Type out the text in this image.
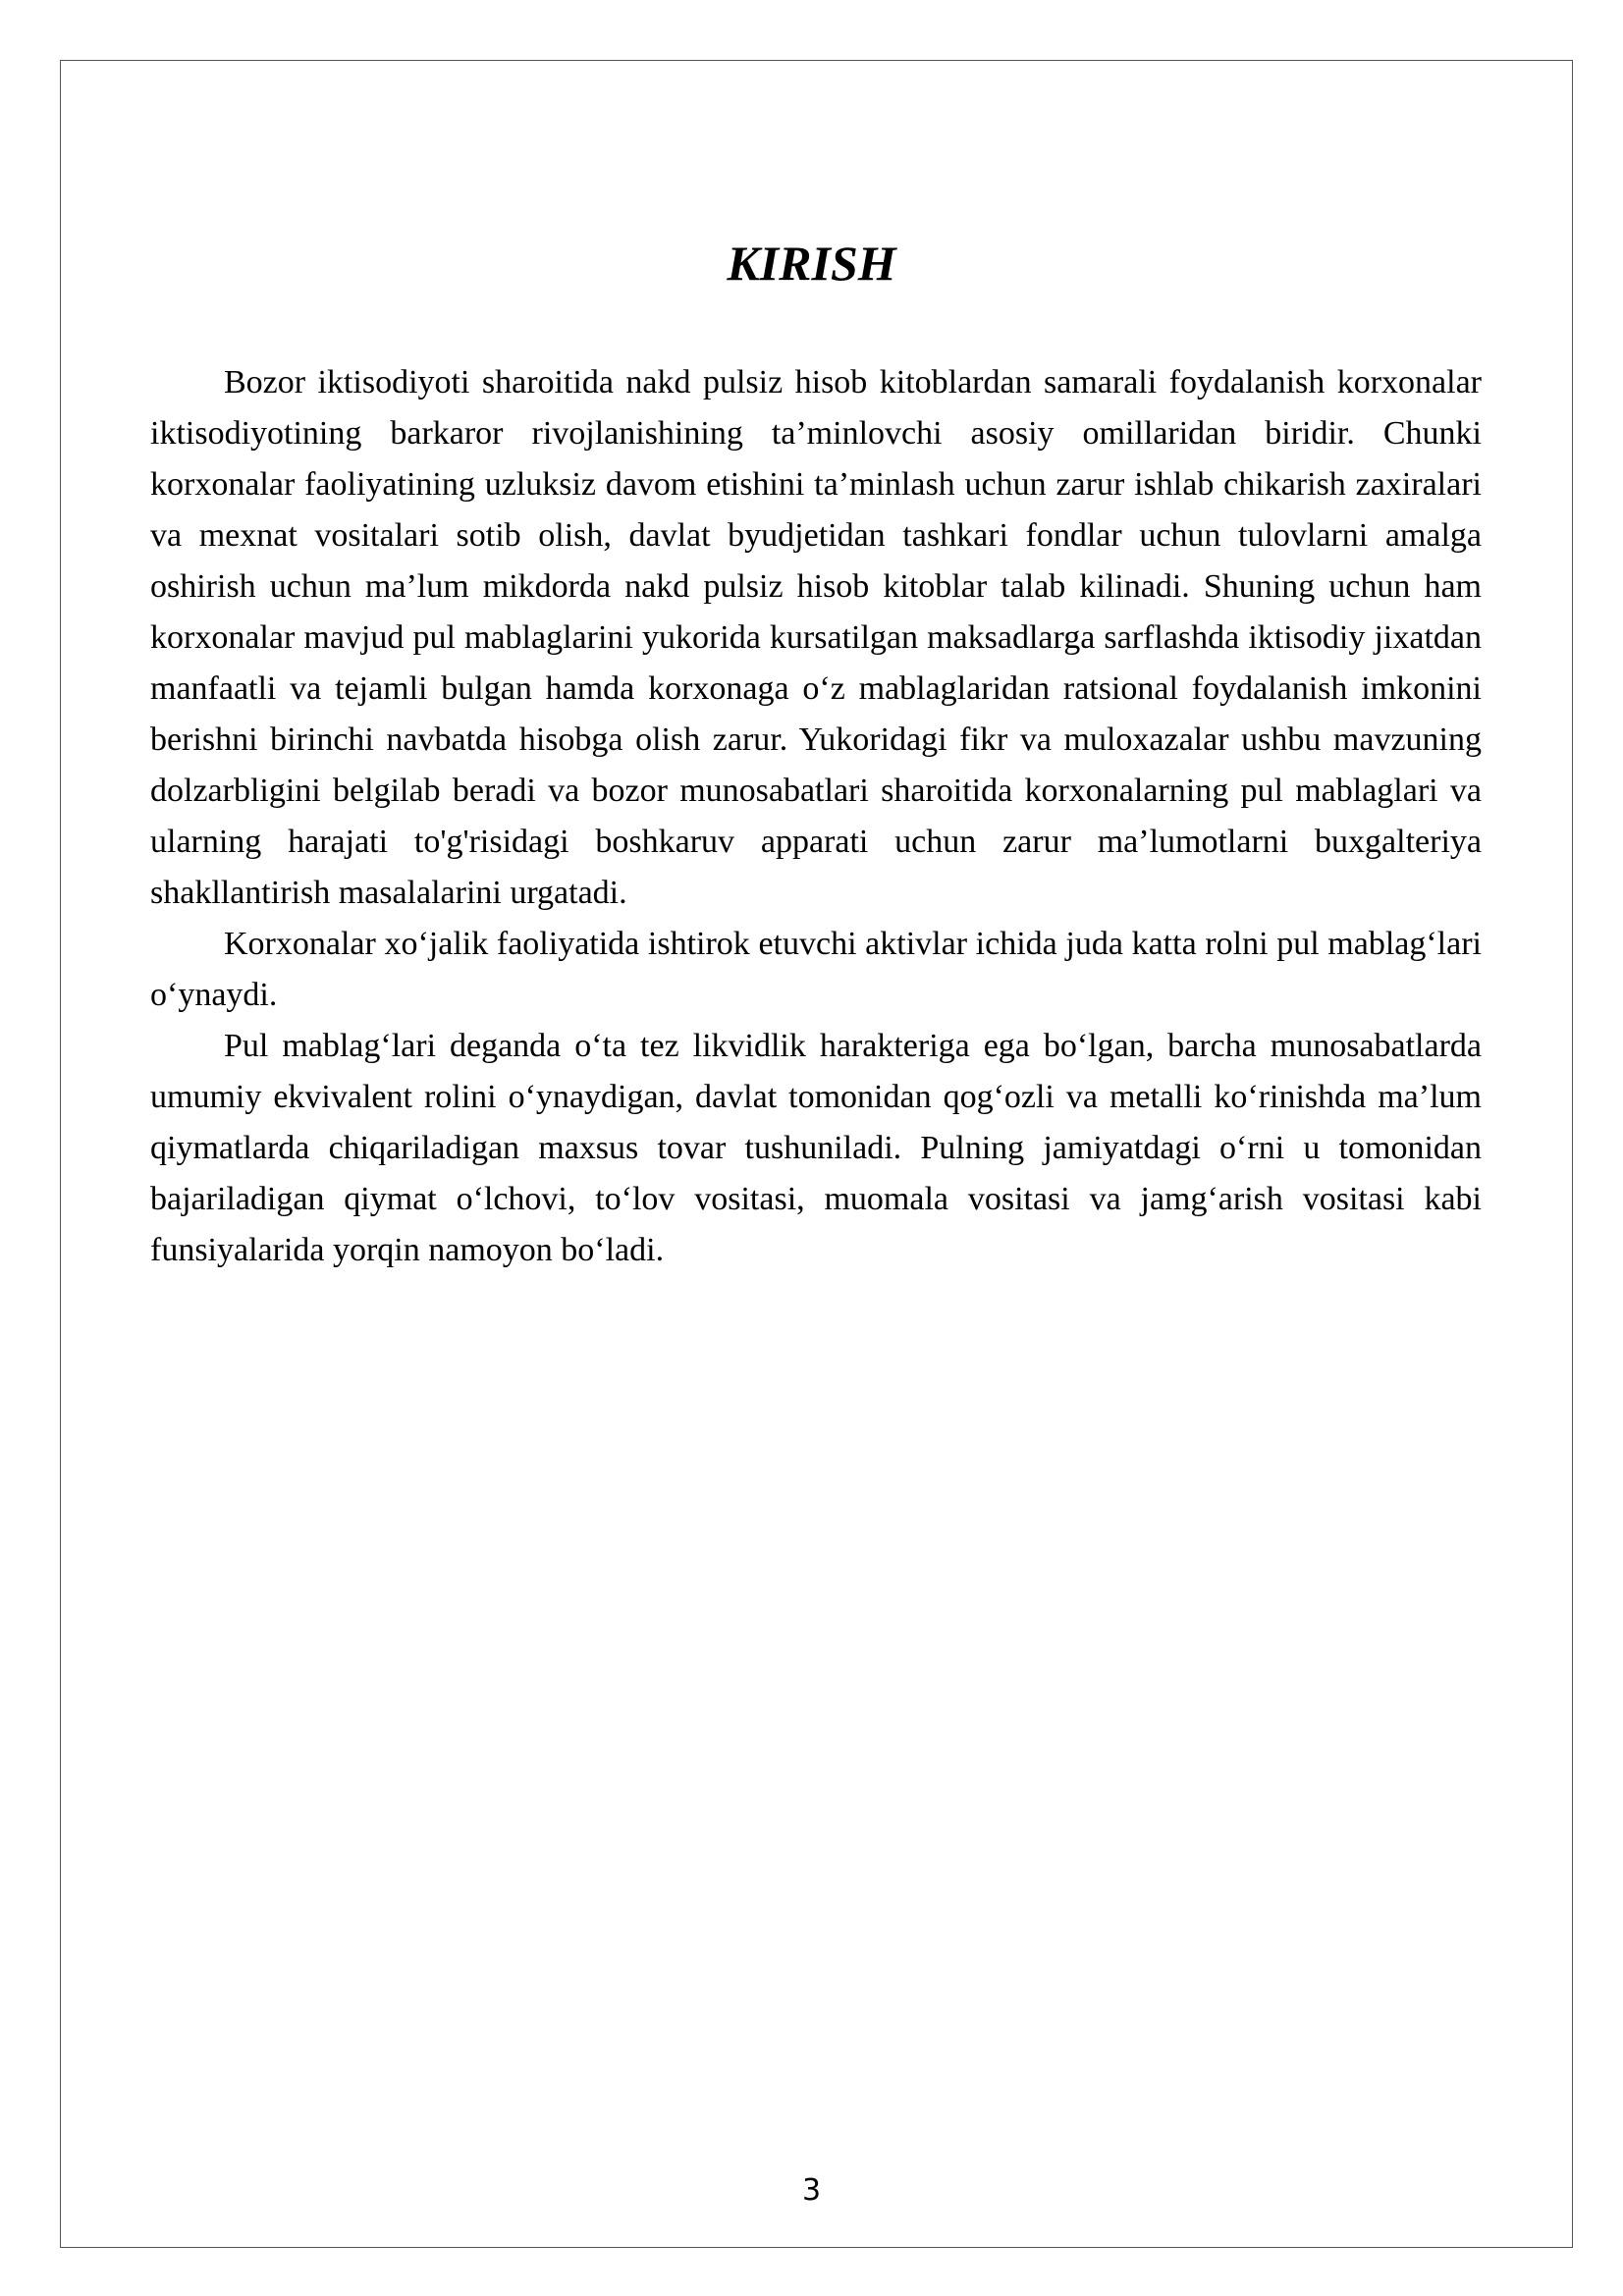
KIRISH

Bozor iktisodiyoti sharoitida nakd pulsiz hisob kitoblardan samarali foydalanish korxonalar iktisodiyotining barkaror rivojlanishining ta’minlovchi asosiy omillaridan biridir. Chunki korxonalar faoliyatining uzluksiz davom etishini ta’minlash uchun zarur ishlab chikarish zaxiralari va mexnat vositalari sotib olish, davlat byudjetidan tashkari fondlar uchun tulovlarni amalga oshirish uchun ma’lum mikdorda nakd pulsiz hisob kitoblar talab kilinadi. Shuning uchun ham korxonalar mavjud pul mablaglarini yukorida kursatilgan maksadlarga sarflashda iktisodiy jixatdan manfaatli va tejamli bulgan hamda korxonaga o‘z mablaglaridan ratsional foydalanish imkonini berishni birinchi navbatda hisobga olish zarur. Yukoridagi fikr va muloxazalar ushbu mavzuning dolzarbligini belgilab beradi va bozor munosabatlari sharoitida korxonalarning pul mablaglari va ularning harajati to'g'risidagi boshkaruv apparati uchun zarur ma’lumotlarni buxgalteriya shakllantirish masalalarini urgatadi.

Korxonalar xo‘jalik faoliyatida ishtirok etuvchi aktivlar ichida juda katta rolni pul mablag‘lari o‘ynaydi.

Pul mablag‘lari deganda o‘ta tez likvidlik harakteriga ega bo‘lgan, barcha munosabatlarda umumiy ekvivalent rolini o‘ynaydigan, davlat tomonidan qog‘ozli va metalli ko‘rinishda ma’lum qiymatlarda chiqariladigan maxsus tovar tushuniladi. Pulning jamiyatdagi o‘rni u tomonidan bajariladigan qiymat o‘lchovi, to‘lov vositasi, muomala vositasi va jamg‘arish vositasi kabi funsiyalarida yorqin namoyon bo‘ladi.

3
